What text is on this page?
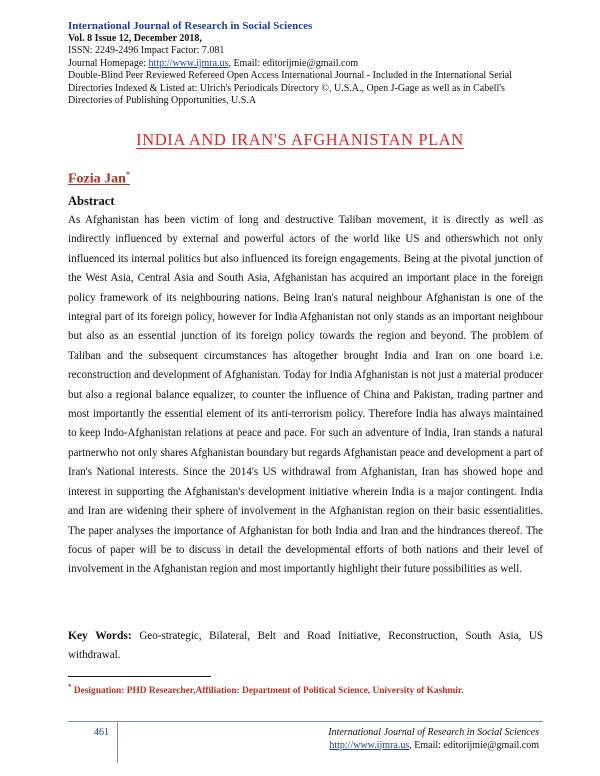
International Journal of Research in Social Sciences
Vol. 8 Issue 12, December 2018,
ISSN: 2249-2496 Impact Factor: 7.081
Journal Homepage: http://www.ijmra.us, Email: editorijmie@gmail.com
Double-Blind Peer Reviewed Refereed Open Access International Journal - Included in the International Serial Directories Indexed & Listed at: Ulrich's Periodicals Directory ©, U.S.A., Open J-Gage as well as in Cabell's Directories of Publishing Opportunities, U.S.A
INDIA AND IRAN'S AFGHANISTAN PLAN
Fozia Jan*
Abstract
As Afghanistan has been victim of long and destructive Taliban movement, it is directly as well as indirectly influenced by external and powerful actors of the world like US and otherswhich not only influenced its internal politics but also influenced its foreign engagements. Being at the pivotal junction of the West Asia, Central Asia and South Asia, Afghanistan has acquired an important place in the foreign policy framework of its neighbouring nations. Being Iran's natural neighbour Afghanistan is one of the integral part of its foreign policy, however for India Afghanistan not only stands as an important neighbour but also as an essential junction of its foreign policy towards the region and beyond. The problem of Taliban and the subsequent circumstances has altogether brought India and Iran on one board i.e. reconstruction and development of Afghanistan. Today for India Afghanistan is not just a material producer but also a regional balance equalizer, to counter the influence of China and Pakistan, trading partner and most importantly the essential element of its anti-terrorism policy. Therefore India has always maintained to keep Indo-Afghanistan relations at peace and pace. For such an adventure of India, Iran stands a natural partnerwho not only shares Afghanistan boundary but regards Afghanistan peace and development a part of Iran's National interests. Since the 2014's US withdrawal from Afghanistan, Iran has showed hope and interest in supporting the Afghanistan's development initiative wherein India is a major contingent. India and Iran are widening their sphere of involvement in the Afghanistan region on their basic essentialities. The paper analyses the importance of Afghanistan for both India and Iran and the hindrances thereof. The focus of paper will be to discuss in detail the developmental efforts of both nations and their level of involvement in the Afghanistan region and most importantly highlight their future possibilities as well.
Key Words: Geo-strategic, Bilateral, Belt and Road Initiative, Reconstruction, South Asia, US withdrawal.
* Designation: PHD Researcher,Affiliation: Department of Political Science, University of Kashmir.
461	International Journal of Research in Social Sciences
http://www.ijmra.us, Email: editorijmie@gmail.com
